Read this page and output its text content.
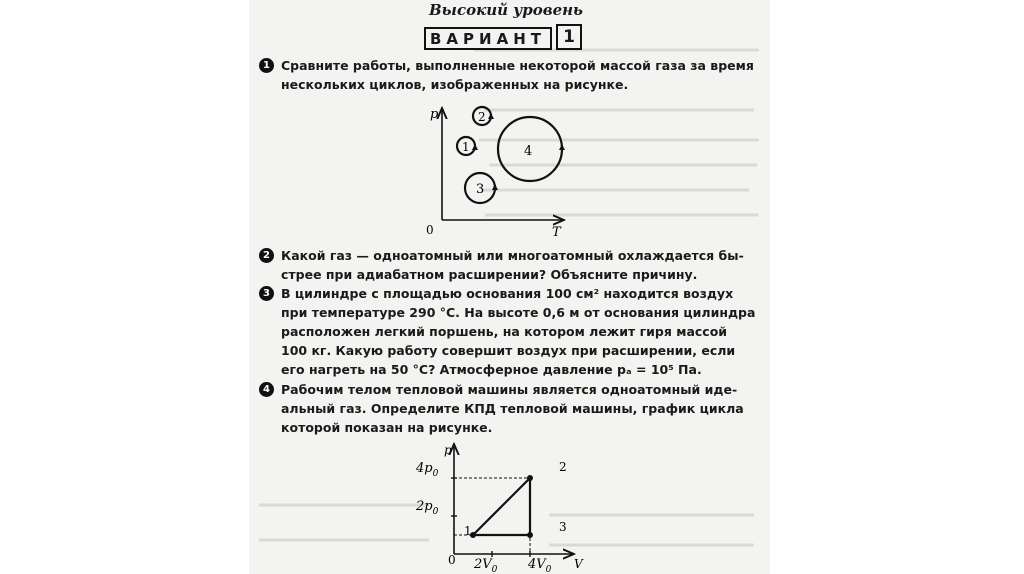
Высокий уровень
ВАРИАНТ	1
1 Сравните работы, выполненные некоторой массой газа за время
нескольких циклов, изображенных на рисунке.
p
T
0
1
2
3
4
2 Какой газ — одноатомный или многоатомный охлаждается бы-
стрее при адиабатном расширении? Объясните причину.
3 В цилиндре с площадью основания 100 см² находится воздух
при температуре 290 °С. На высоте 0,6 м от основания цилиндра
расположен легкий поршень, на котором лежит гиря массой
100 кг. Какую работу совершит воздух при расширении, если
его нагреть на 50 °С? Атмосферное давление pₐ = 10⁵ Па.
4 Рабочим телом тепловой машины является одноатомный иде-
альный газ. Определите КПД тепловой машины, график цикла
которой показан на рисунке.
p
V
0
$4p_0$
$2p_0$
$2V_0$ $4V_0$
1
2
3
